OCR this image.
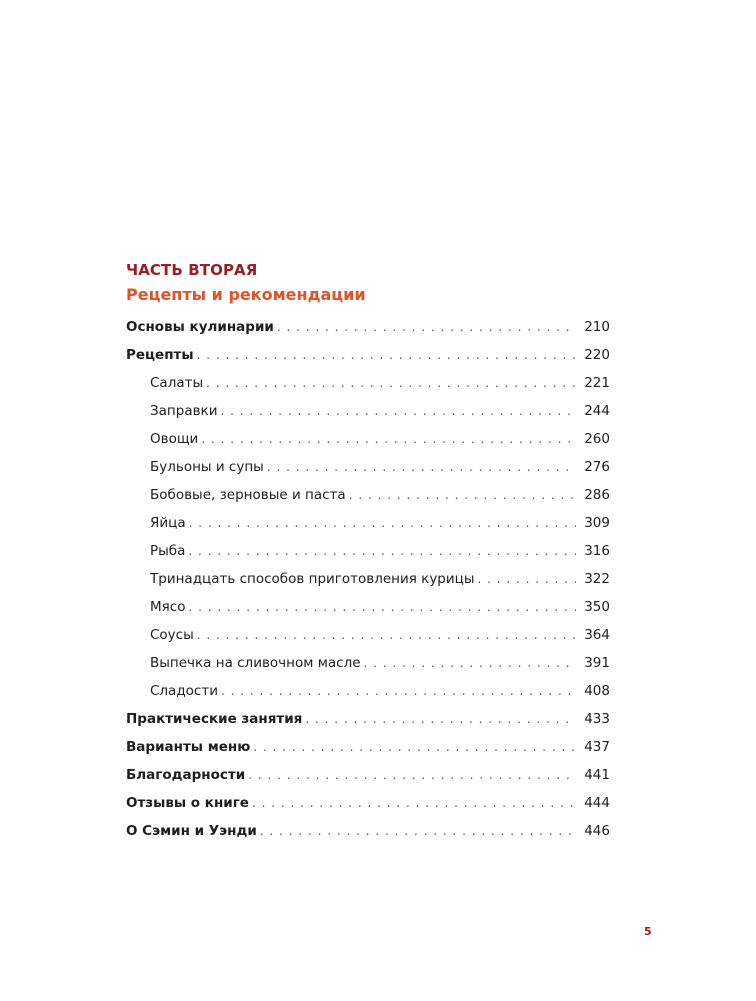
ЧАСТЬ ВТОРАЯ
Рецепты и рекомендации
Основы кулинарии . . .	210
Рецепты . . .	220
Салаты . . .	221
Заправки . . .	244
Овощи . . .	260
Бульоны и супы . . .	276
Бобовые, зерновые и паста . . .	286
Яйца . . .	309
Рыба . . .	316
Тринадцать способов приготовления курицы . . .	322
Мясо . . .	350
Соусы . . .	364
Выпечка на сливочном масле . . .	391
Сладости . . .	408
Практические занятия . . .	433
Варианты меню . . .	437
Благодарности . . .	441
Отзывы о книге . . .	444
О Сэмин и Уэнди . . .	446
5
